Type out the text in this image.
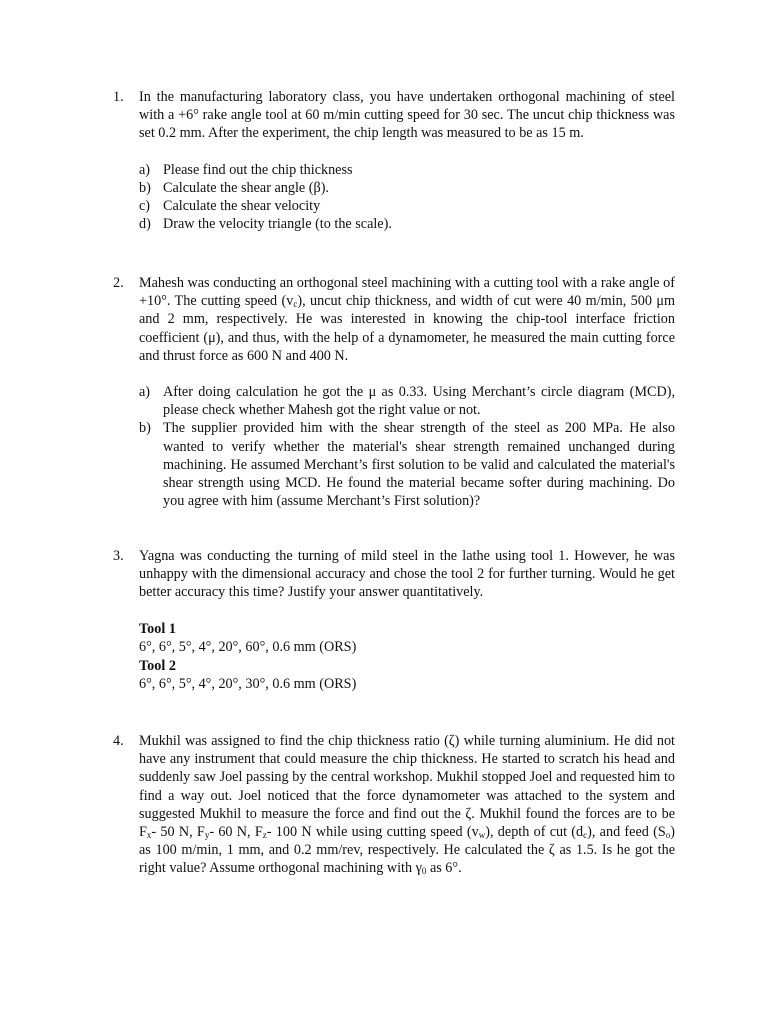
1.	In the manufacturing laboratory class, you have undertaken orthogonal machining of steel with a +6° rake angle tool at 60 m/min cutting speed for 30 sec. The uncut chip thickness was set 0.2 mm. After the experiment, the chip length was measured to be as 15 m.

a) Please find out the chip thickness
b) Calculate the shear angle (β).
c) Calculate the shear velocity
d) Draw the velocity triangle (to the scale).
2.	Mahesh was conducting an orthogonal steel machining with a cutting tool with a rake angle of +10°. The cutting speed $(v_c)$, uncut chip thickness, and width of cut were 40 m/min, 500 μm and 2 mm, respectively. He was interested in knowing the chip-tool interface friction coefficient (μ), and thus, with the help of a dynamometer, he measured the main cutting force and thrust force as 600 N and 400 N.

a) After doing calculation he got the μ as 0.33. Using Merchant’s circle diagram (MCD), please check whether Mahesh got the right value or not.
b) The supplier provided him with the shear strength of the steel as 200 MPa. He also wanted to verify whether the material's shear strength remained unchanged during machining. He assumed Merchant’s first solution to be valid and calculated the material's shear strength using MCD. He found the material became softer during machining. Do you agree with him (assume Merchant’s First solution)?
3.	Yagna was conducting the turning of mild steel in the lathe using tool 1. However, he was unhappy with the dimensional accuracy and chose the tool 2 for further turning. Would he get better accuracy this time? Justify your answer quantitatively.

Tool 1
6°, 6°, 5°, 4°, 20°, 60°, 0.6 mm (ORS)
Tool 2
6°, 6°, 5°, 4°, 20°, 30°, 0.6 mm (ORS)
4.	Mukhil was assigned to find the chip thickness ratio (ζ) while turning aluminium. He did not have any instrument that could measure the chip thickness. He started to scratch his head and suddenly saw Joel passing by the central workshop. Mukhil stopped Joel and requested him to find a way out. Joel noticed that the force dynamometer was attached to the system and suggested Mukhil to measure the force and find out the ζ. Mukhil found the forces are to be $F_x-$ 50 N, $F_y-$ 60 N, $F_z-$ 100 N while using cutting speed $(v_w)$, depth of cut $(d_c)$, and feed $(S_o)$ as 100 m/min, 1 mm, and 0.2 mm/rev, respectively. He calculated the ζ as 1.5. Is he got the right value? Assume orthogonal machining with $\gamma_0$ as 6°.
